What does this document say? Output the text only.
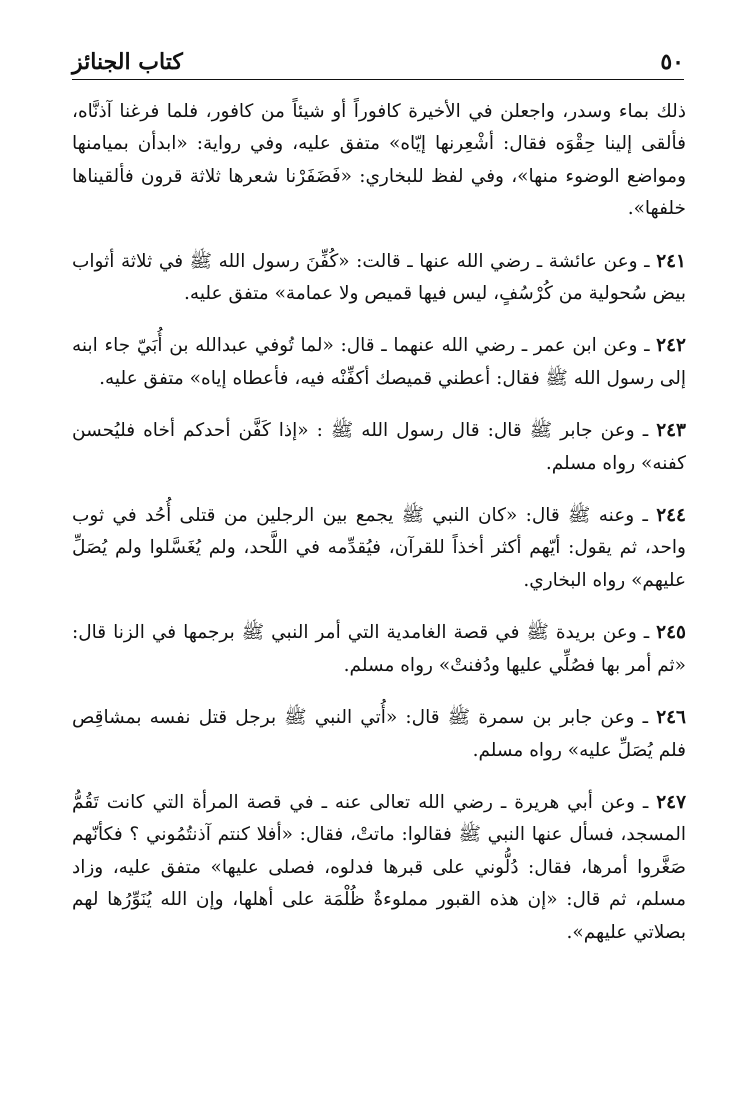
٥٠
كتاب الجنائز

ذلك بماء وسدر، واجعلن في الأخيرة كافوراً أو شيئاً من كافور، فلما فرغنا آذنَّاه، فألقى إلينا حِقْوَه فقال: أشْعِرنها إيّاه» متفق عليه، وفي رواية: «ابدأن بميامنها ومواضع الوضوء منها»، وفي لفظ للبخاري: «فَضَفَرْنا شعرها ثلاثة قرون فألقيناها خلفها».

٢٤١ ـ وعن عائشة ـ رضي الله عنها ـ قالت: «كُفِّنَ رسول الله ﷺ في ثلاثة أثواب بيض سُحولية من كُرْسُفٍ، ليس فيها قميص ولا عمامة» متفق عليه.

٢٤٢ ـ وعن ابن عمر ـ رضي الله عنهما ـ قال: «لما تُوفي عبدالله بن أُبَيّ جاء ابنه إلى رسول الله ﷺ فقال: أعطني قميصك أكفِّنْه فيه، فأعطاه إياه» متفق عليه.

٢٤٣ ـ وعن جابر ﷺ قال: قال رسول الله ﷺ : «إذا كَفَّن أحدكم أخاه فليُحسن كفنه» رواه مسلم.

٢٤٤ ـ وعنه ﷺ قال: «كان النبي ﷺ يجمع بين الرجلين من قتلى أُحُد في ثوب واحد، ثم يقول: أيّهم أكثر أخذاً للقرآن، فيُقدِّمه في اللَّحد، ولم يُغَسَّلوا ولم يُصَلِّ عليهم» رواه البخاري.

٢٤٥ ـ وعن بريدة ﷺ في قصة الغامدية التي أمر النبي ﷺ برجمها في الزنا قال: «ثم أمر بها فصُلِّي عليها ودُفنتْ» رواه مسلم.

٢٤٦ ـ وعن جابر بن سمرة ﷺ قال: «أُتي النبي ﷺ برجل قتل نفسه بمشاقِص فلم يُصَلِّ عليه» رواه مسلم.

٢٤٧ ـ وعن أبي هريرة ـ رضي الله تعالى عنه ـ في قصة المرأة التي كانت تَقُمُّ المسجد، فسأل عنها النبي ﷺ فقالوا: ماتتْ، فقال: «أفلا كنتم آذنتُمُوني ؟ فكأنّهم صَغَّروا أمرها، فقال: دُلُّوني على قبرها فدلوه، فصلى عليها» متفق عليه، وزاد مسلم، ثم قال: «إن هذه القبور مملوءةٌ ظُلْمَة على أهلها، وإن الله يُنَوِّرُها لهم بصلاتي عليهم».
